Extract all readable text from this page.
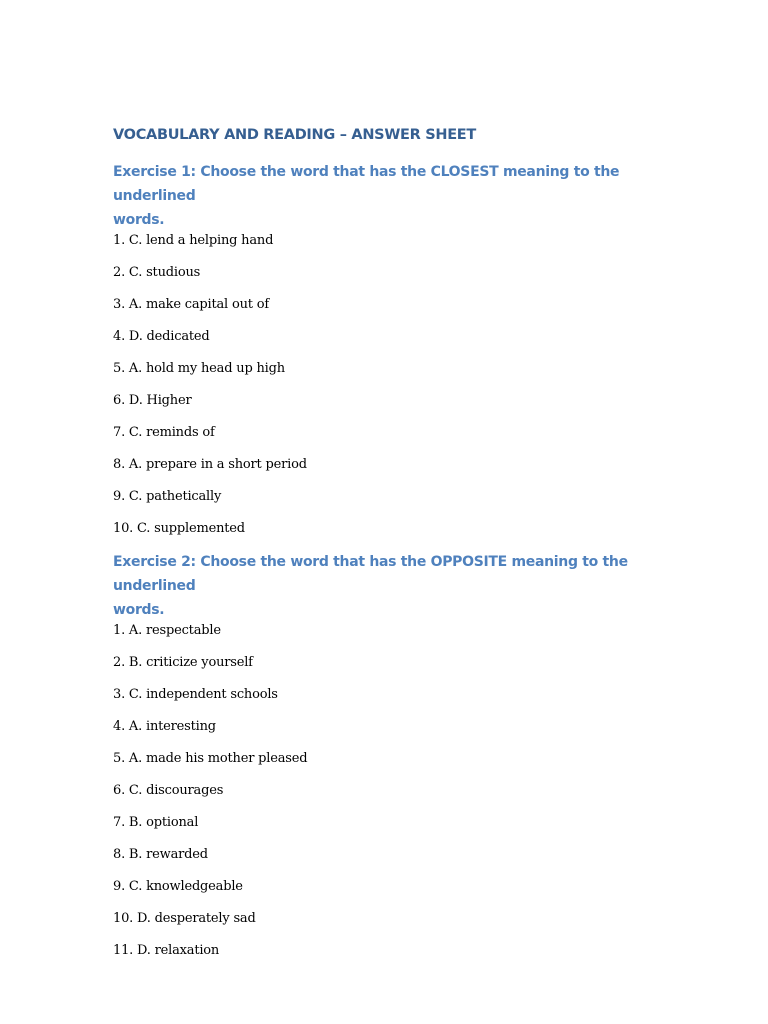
VOCABULARY AND READING – ANSWER SHEET
Exercise 1: Choose the word that has the CLOSEST meaning to the underlined
words.
1. C. lend a helping hand
2. C. studious
3. A. make capital out of
4. D. dedicated
5. A. hold my head up high
6. D. Higher
7. C. reminds of
8. A. prepare in a short period
9. C. pathetically
10. C. supplemented
Exercise 2: Choose the word that has the OPPOSITE meaning to the underlined
words.
1. A. respectable
2. B. criticize yourself
3. C. independent schools
4. A. interesting
5. A. made his mother pleased
6. C. discourages
7. B. optional
8. B. rewarded
9. C. knowledgeable
10. D. desperately sad
11. D. relaxation
